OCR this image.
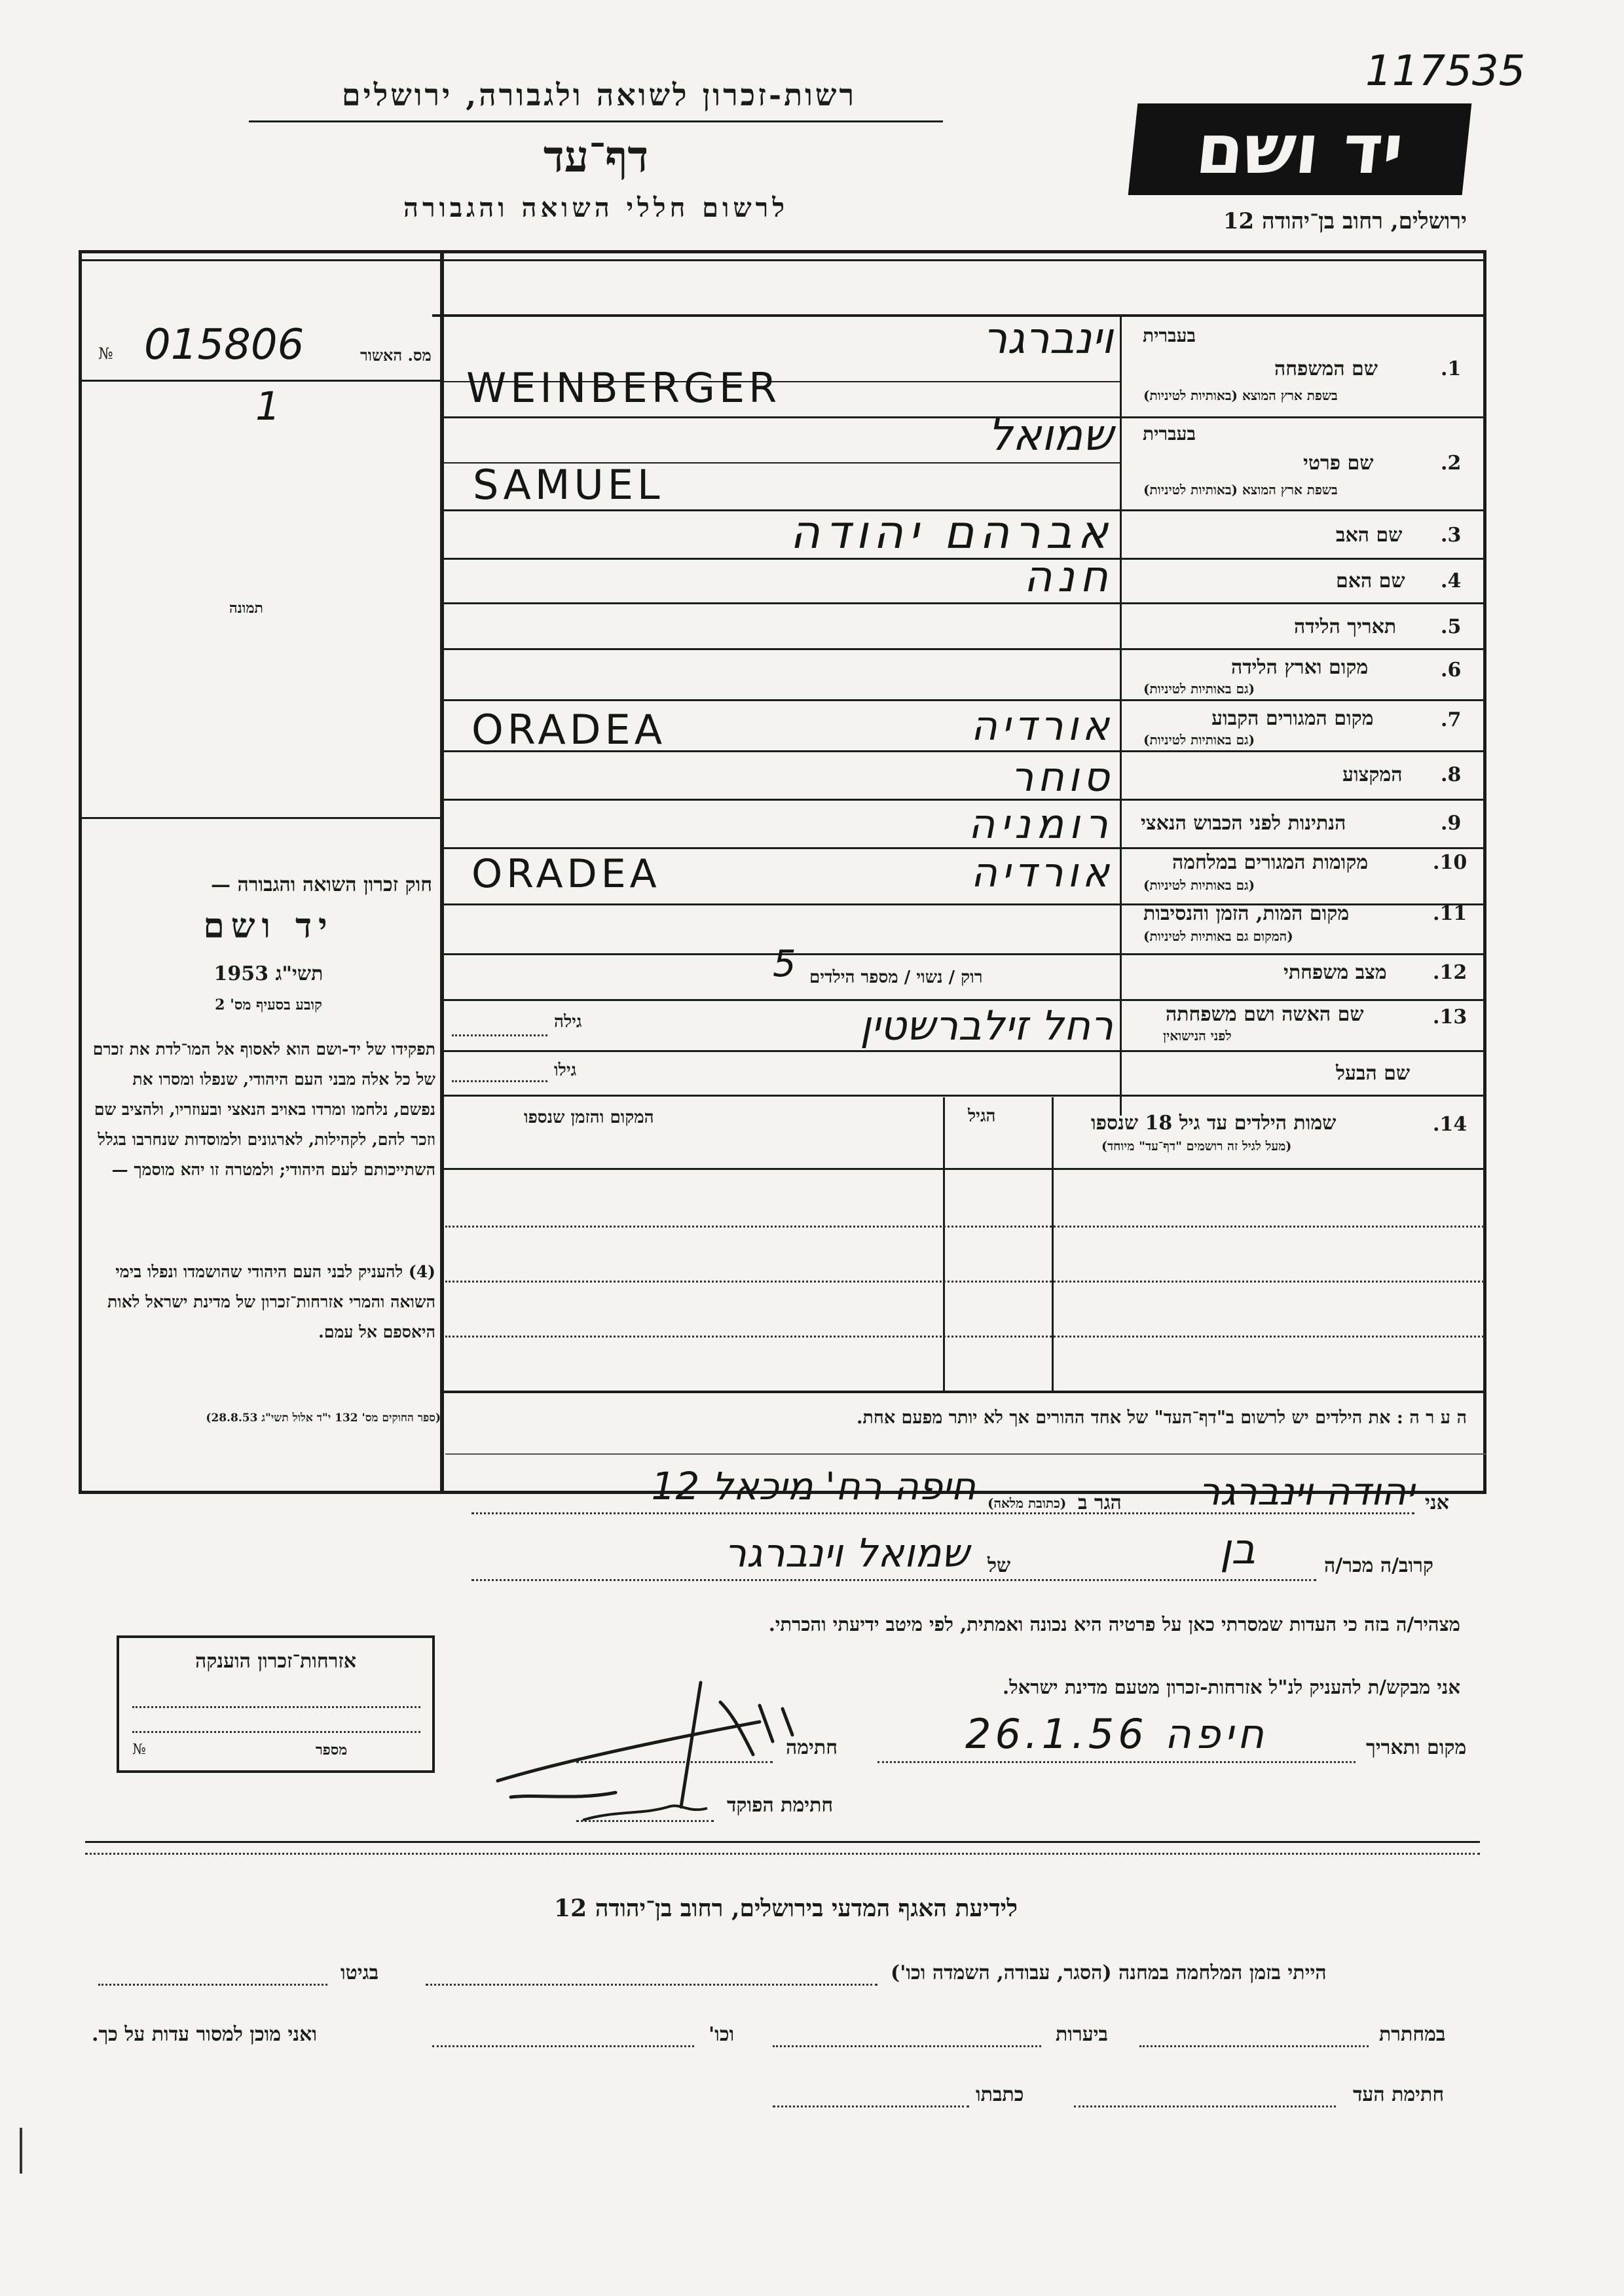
117535
רשות-זכרון לשואה ולגבורה, ירושלים
דף־עד
לרשום חללי השואה והגבורה
יד ושם
ירושלים, רחוב בן־יהודה 12
מס. האשור
№ 015806
1
תמונה
חוק זכרון השואה והגבורה —
יד ושם
תשי"ג 1953
קובע בסעיף מס' 2
תפקידו של יד-ושם הוא לאסוף אל המו־לדת את זכרם של כל אלה מבני העם היהודי, שנפלו ומסרו את נפשם, נלחמו ומרדו באויב הנאצי ובעוזריו, ולהציב שם וזכר להם, לקהילות, לארגונים ולמוסדות שנחרבו בגלל השתייכותם לעם היהודי; ולמטרה זו יהא מוסמך —
(4) להעניק לבני העם היהודי שהושמדו ונפלו בימי השואה והמרי אזרחות־זכרון של מדינת ישראל לאות היאספם אל עמם.
(ספר החוקים מס' 132 י"ד אלול תשי"ג 28.8.53)
בעברית
1.
שם המשפחה
בשפת ארץ המוצא (באותיות לטיניות)
בעברית
2.
שם פרטי
בשפת ארץ המוצא (באותיות לטיניות)
3.
שם האב
4.
שם האם
5.
תאריך הלידה
6.
מקום וארץ הלידה
(גם באותיות לטיניות)
7.
מקום המגורים הקבוע
(גם באותיות לטיניות)
8.
המקצוע
9.
הנתינות לפני הכבוש הנאצי
10.
מקומות המגורים במלחמה
(גם באותיות לטיניות)
11.
מקום המות, הזמן והנסיבות
(המקום גם באותיות לטיניות)
12.
מצב משפחתי
רוק / נשוי / מספר הילדים
5
13.
שם האשה ושם משפחתה
לפני הנישואין
רחל זילברשטין
גילה
שם הבעל
גילו
14.
שמות הילדים עד גיל 18 שנספו
(מעל לגיל זה רושמים "דף־עד" מיוחד)
הגיל
המקום והזמן שנספו
וינברגר
WEINBERGER
שמואל
SAMUEL
אברהם יהודה
חנה
אורדיה
ORADEA
סוחר
רומניה
אורדיה
ORADEA
ה ע ר ה : את הילדים יש לרשום ב"דף־העד" של אחד ההורים אך לא יותר מפעם אחת.
אני
יהודה וינברגר
הגר ב
(כתובת מלאה)
חיפה רח' מיכאל 12
קרוב/ה מכר/ה
בן
של
שמואל וינברגר
מצהיר/ה בזה כי העדות שמסרתי כאן על פרטיה היא נכונה ואמתית, לפי מיטב ידיעתי והכרתי.
אני מבקש/ת להעניק לנ"ל אזרחות-זכרון מטעם מדינת ישראל.
מקום ותאריך
חיפה 26.1.56
חתימה
חתימת הפוקד
אזרחות־זכרון הוענקה
מספר
№
לידיעת האגף המדעי בירושלים, רחוב בן־יהודה 12
הייתי בזמן המלחמה במחנה (הסגר, עבודה, השמדה וכו')
בגיטו
במחתרת
ביערות
וכו'
ואני מוכן למסור עדות על כך.
חתימת העד
כתבתו
